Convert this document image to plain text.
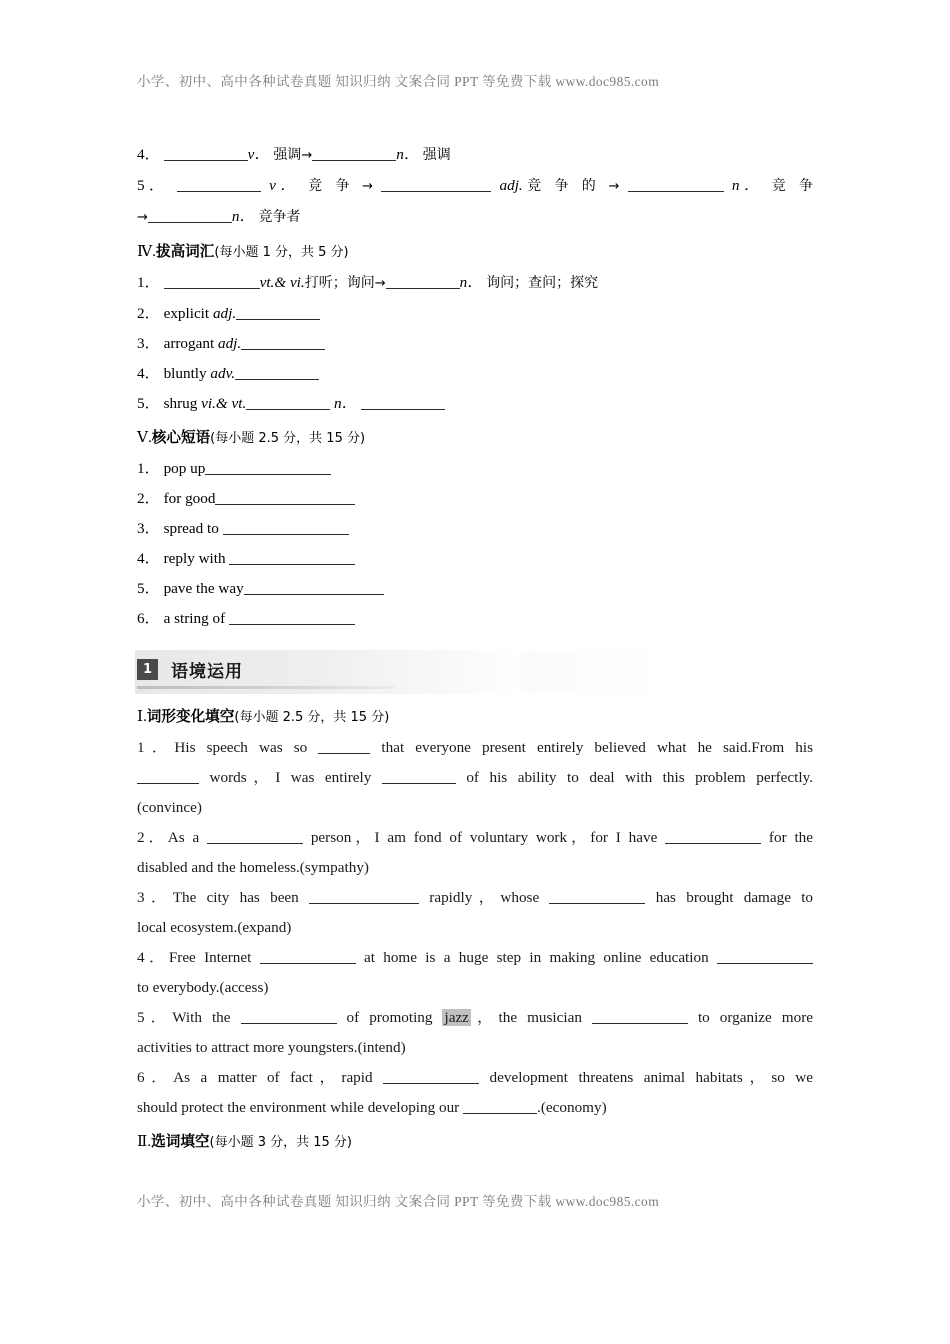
小学、初中、高中各种试卷真题 知识归纳 文案合同 PPT 等免费下载 www.doc985.com
4．	v． 强调→	n． 强调
5．	v． 竞 争 →	adj.竞 争 的 →	n． 竞 争
→	n． 竞争者
Ⅳ.拔高词汇(每小题 1 分，共 5 分)
1．	vt.& vi.打听；询问→	n． 询问；查问；探究
2． explicit adj.
3． arrogant adj.
4． bluntly adv.
5． shrug vi.& vt.	n．
Ⅴ.核心短语(每小题 2.5 分，共 15 分)
1． pop up
2． for good
3． spread to
4． reply with
5． pave the way
6． a string of
1	语境运用
Ⅰ.词形变化填空(每小题 2.5 分，共 15 分)
1．His speech was so	that everyone present entirely believed what he said.From his
words，I was entirely	of his ability to deal with this problem perfectly.
(convince)
2．As a	person，I am fond of voluntary work，for I have	for the
disabled and the homeless.(sympathy)
3．The city has been	rapidly，whose	has brought damage to
local ecosystem.(expand)
4．Free Internet	at home is a huge step in making online education
to everybody.(access)
5．With the	of promoting jazz ，the musician	to organize more
activities to attract more youngsters.(intend)
6．As a matter of fact，rapid	development threatens animal habitats，so we
should protect the environment while developing our	.(economy)
Ⅱ.选词填空(每小题 3 分，共 15 分)
小学、初中、高中各种试卷真题 知识归纳 文案合同 PPT 等免费下载 www.doc985.com
